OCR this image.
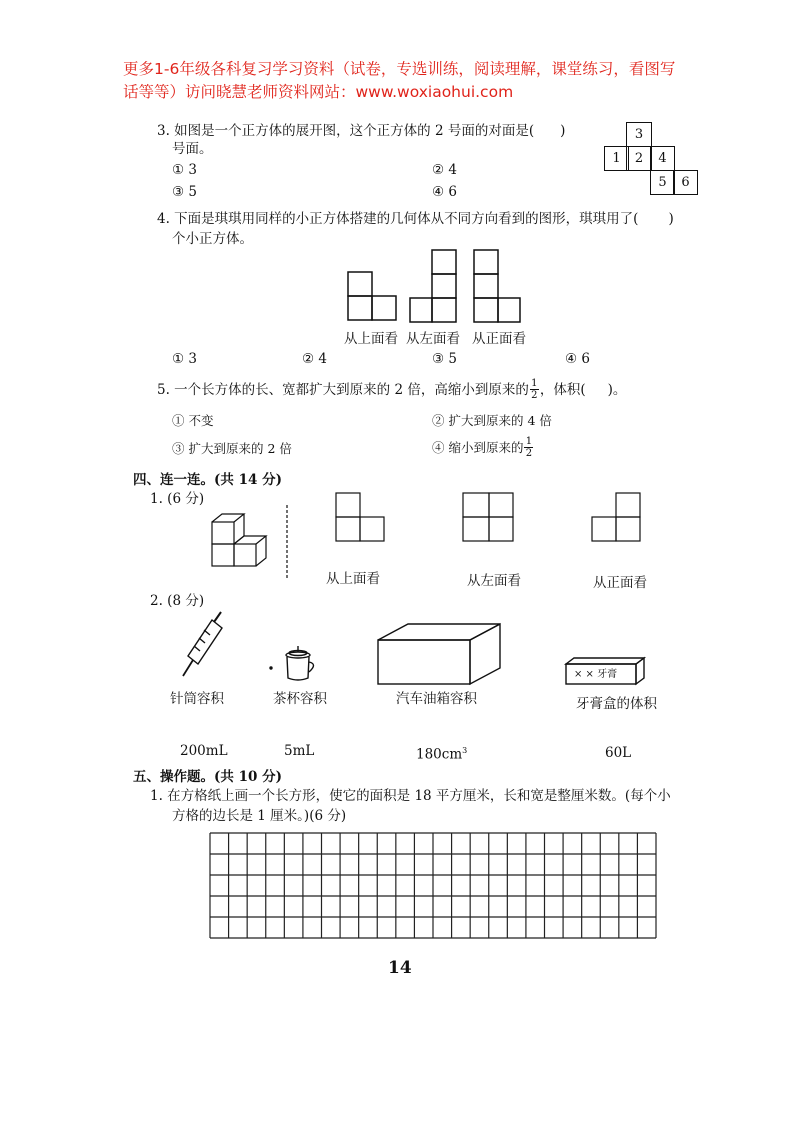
更多1-6年级各科复习学习资料（试卷，专选训练，阅读理解，课堂练习，看图写
话等等）访问晓慧老师资料网站：www.woxiaohui.com
3. 如图是一个正方体的展开图，这个正方体的 2 号面的对面是( )
号面。
① 3	② 4
③ 5	④ 6
3
1	2	4
5	6
4. 下面是琪琪用同样的小正方体搭建的几何体从不同方向看到的图形，琪琪用了( )
个小正方体。
从上面看 从左面看 从正面看
① 3	② 4	③ 5	④ 6
5. 一个长方体的长、宽都扩大到原来的 2 倍，高缩小到原来的 $\frac{1}{2}$ ，体积( )。
① 不变	② 扩大到原来的 4 倍
③ 扩大到原来的 2 倍	④ 缩小到原来的 $\frac{1}{2}$
四、连一连。(共 14 分)
1. (6 分)
从上面看	从左面看	从正面看
2. (8 分)
× × 牙膏
针筒容积	茶杯容积	汽车油箱容积	牙膏盒的体积
200mL	5mL	$180cm^3$	60L
五、操作题。(共 10 分)
1. 在方格纸上画一个长方形，使它的面积是 18 平方厘米，长和宽是整厘米数。(每个小
方格的边长是 1 厘米。)(6 分)
14
